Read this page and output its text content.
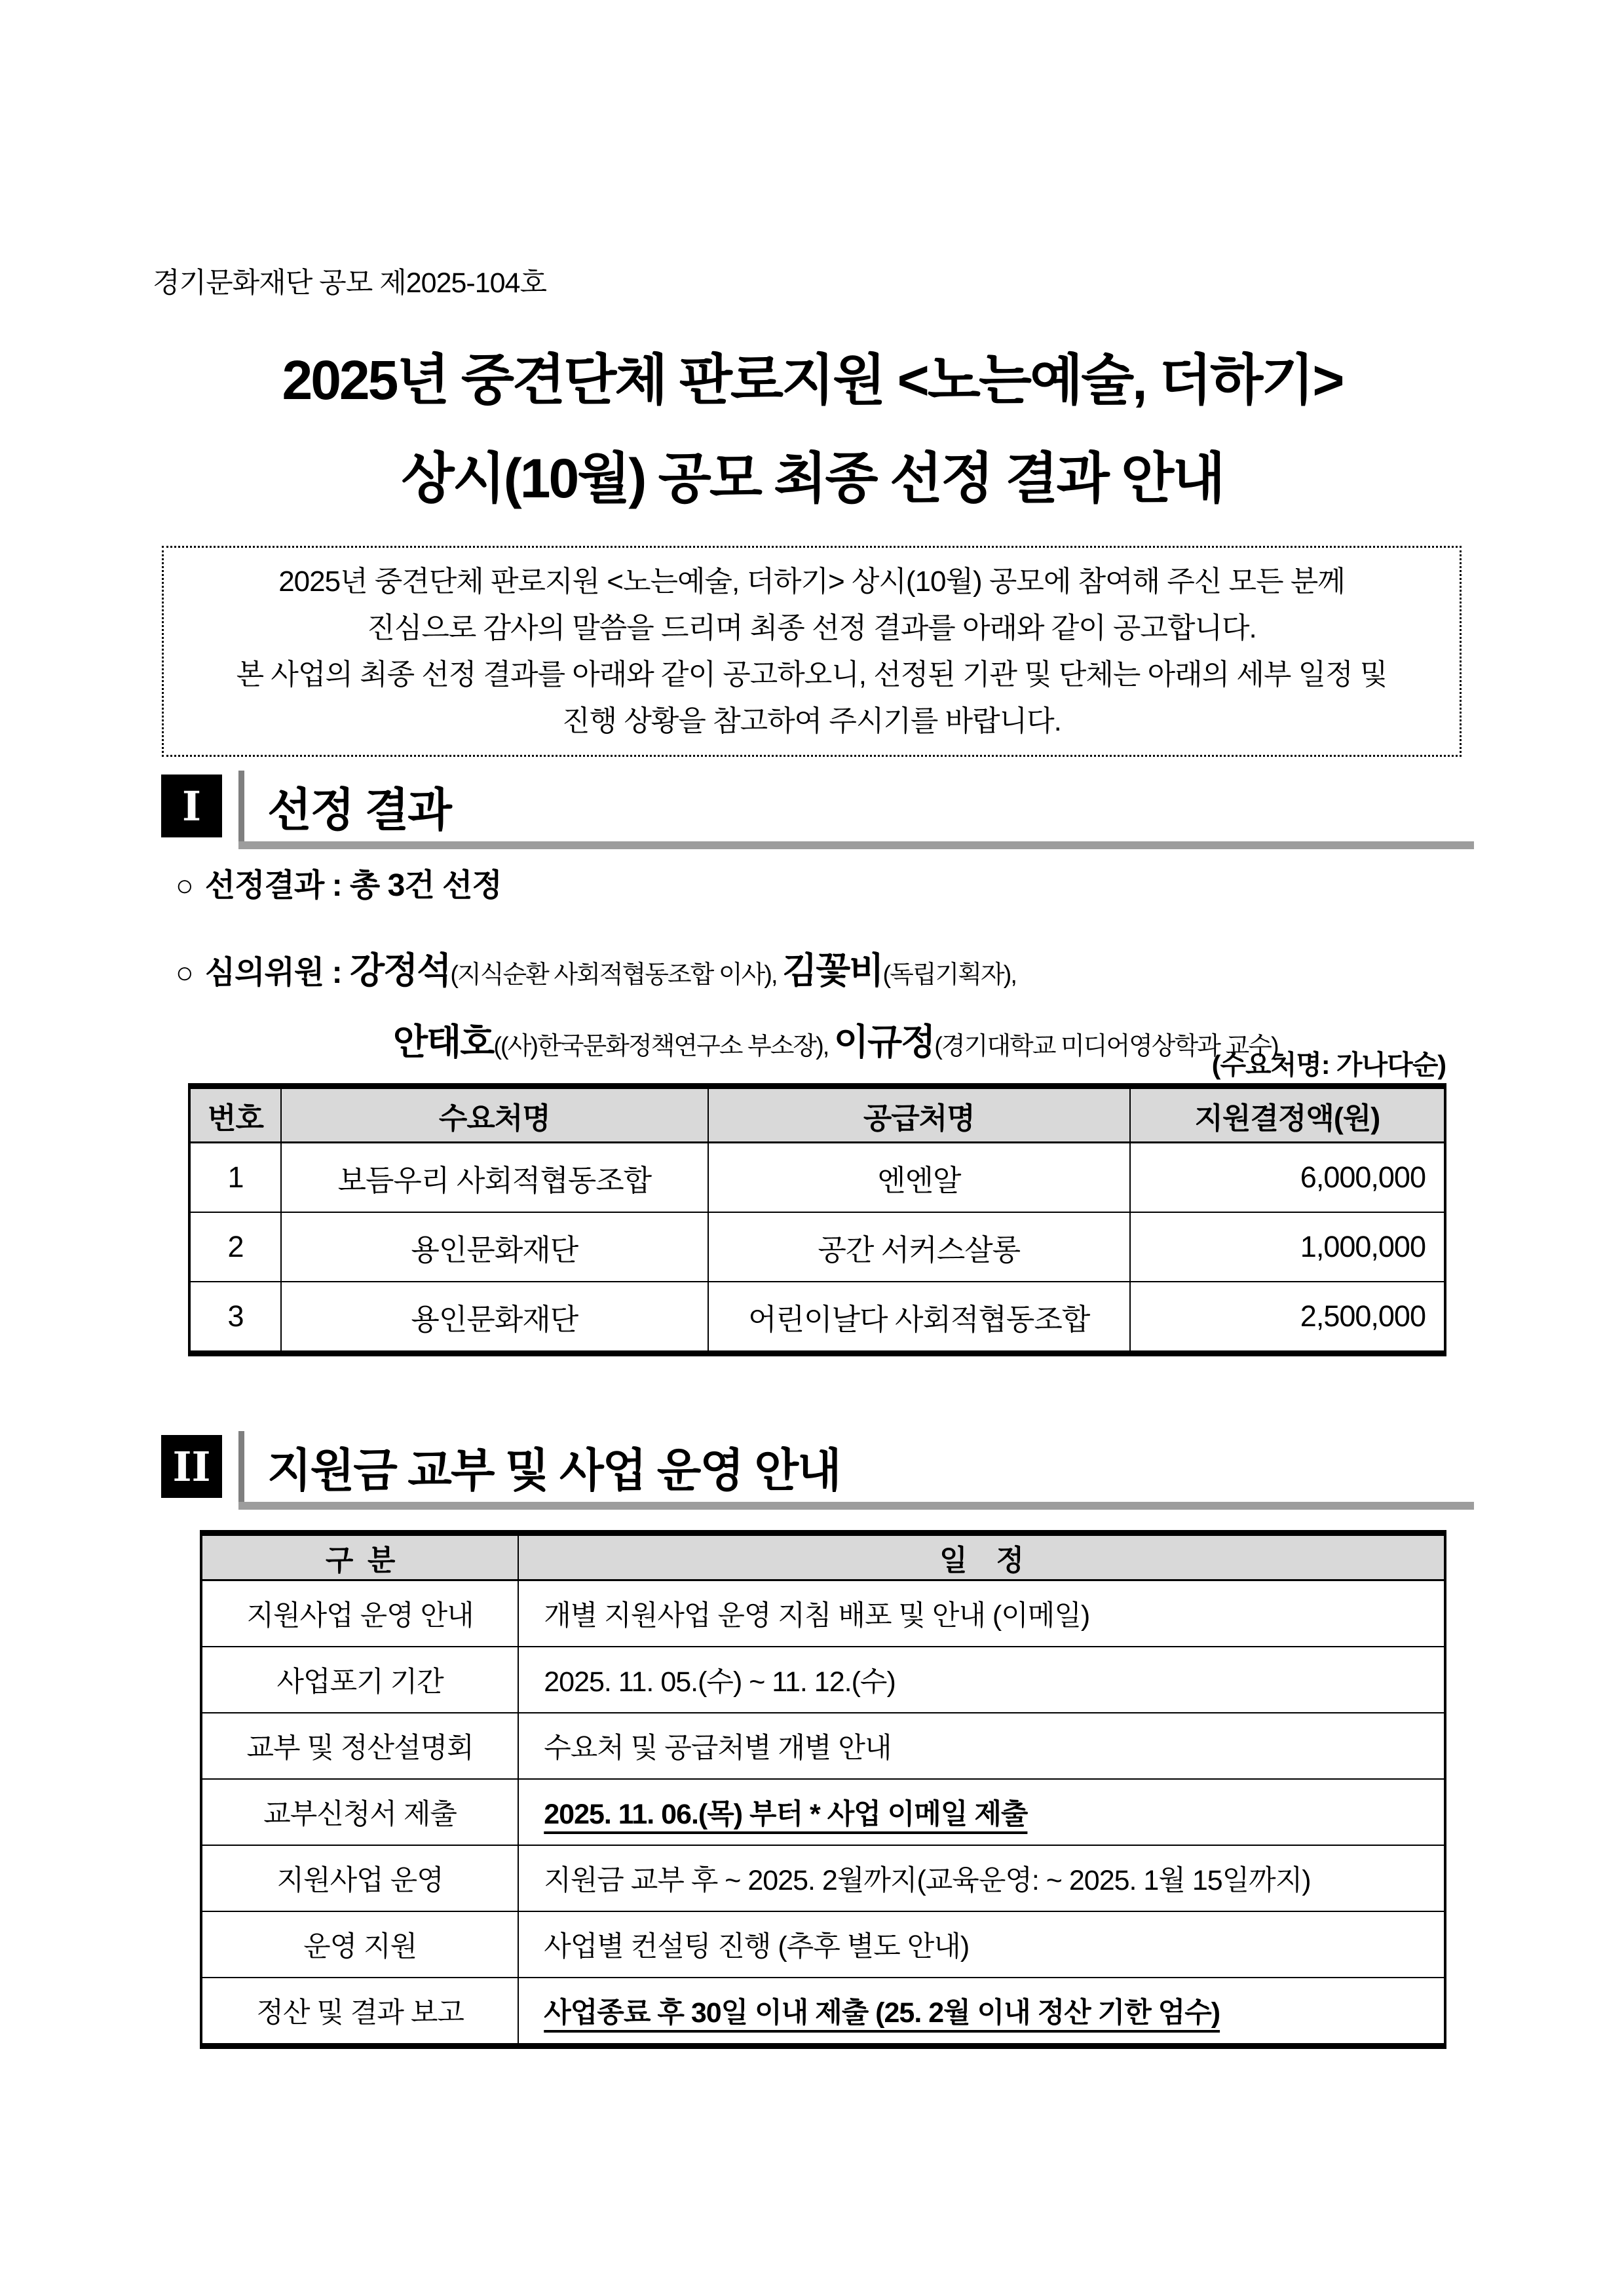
경기문화재단 공모 제2025-104호
2025년 중견단체 판로지원 <노는예술, 더하기>
상시(10월) 공모 최종 선정 결과 안내

2025년 중견단체 판로지원 <노는예술, 더하기> 상시(10월) 공모에 참여해 주신 모든 분께

진심으로 감사의 말씀을 드리며 최종 선정 결과를 아래와 같이 공고합니다.

본 사업의 최종 선정 결과를 아래와 같이 공고하오니, 선정된 기관 및 단체는 아래의 세부 일정 및

진행 상황을 참고하여 주시기를 바랍니다.

I	선정 결과

○ 선정결과 : 총 3건 선정

○ 심의위원 : 강정석(지식순환 사회적협동조합 이사), 김꽃비(독립기획자),

안태호((사)한국문화정책연구소 부소장), 이규정(경기대학교 미디어영상학과 교수)

(수요처명: 가나다순)
번호	수요처명	공급처명	지원결정액(원)
1	보듬우리 사회적협동조합	엔엔알	6,000,000
2	용인문화재단	공간 서커스살롱	1,000,000
3	용인문화재단	어린이날다 사회적협동조합	2,500,000
II 지원금 교부 및 사업 운영 안내
구  분	일    정
지원사업 운영 안내	개별 지원사업 운영 지침 배포 및 안내 (이메일)
사업포기 기간	2025. 11. 05.(수) ~ 11. 12.(수)
교부 및 정산설명회	수요처 및 공급처별 개별 안내
교부신청서 제출	2025. 11. 06.(목) 부터 * 사업 이메일 제출
지원사업 운영	지원금 교부 후 ~ 2025. 2월까지(교육운영: ~ 2025. 1월 15일까지)
운영 지원	사업별 컨설팅 진행 (추후 별도 안내)
정산 및 결과 보고	사업종료 후 30일 이내 제출 (25. 2월 이내 정산 기한 엄수)
